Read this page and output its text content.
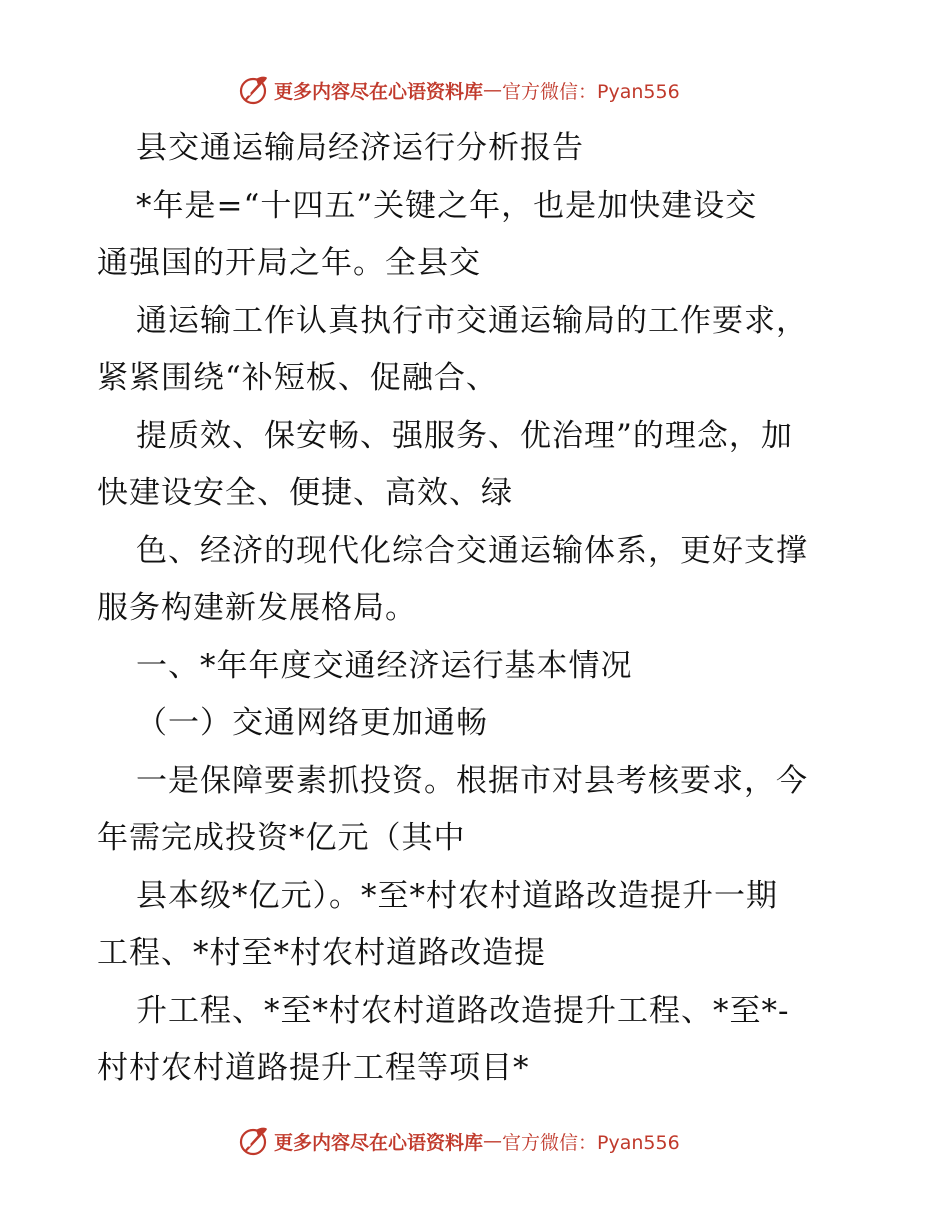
更多内容尽在心语资料库 — 官方微信：Pyan556
县交通运输局经济运行分析报告
*年是=“十四五”关键之年，也是加快建设交
通强国的开局之年。全县交
通运输工作认真执行市交通运输局的工作要求，
紧紧围绕“补短板、促融合、
提质效、保安畅、强服务、优治理”的理念，加
快建设安全、便捷、高效、绿
色、经济的现代化综合交通运输体系，更好支撑
服务构建新发展格局。
一、*年年度交通经济运行基本情况
（一）交通网络更加通畅
一是保障要素抓投资。根据市对县考核要求，今
年需完成投资*亿元（其中
县本级*亿元）。*至*村农村道路改造提升一期
工程、*村至*村农村道路改造提
升工程、*至*村农村道路改造提升工程、*至*-
村村农村道路提升工程等项目*
更多内容尽在心语资料库 — 官方微信：Pyan556
